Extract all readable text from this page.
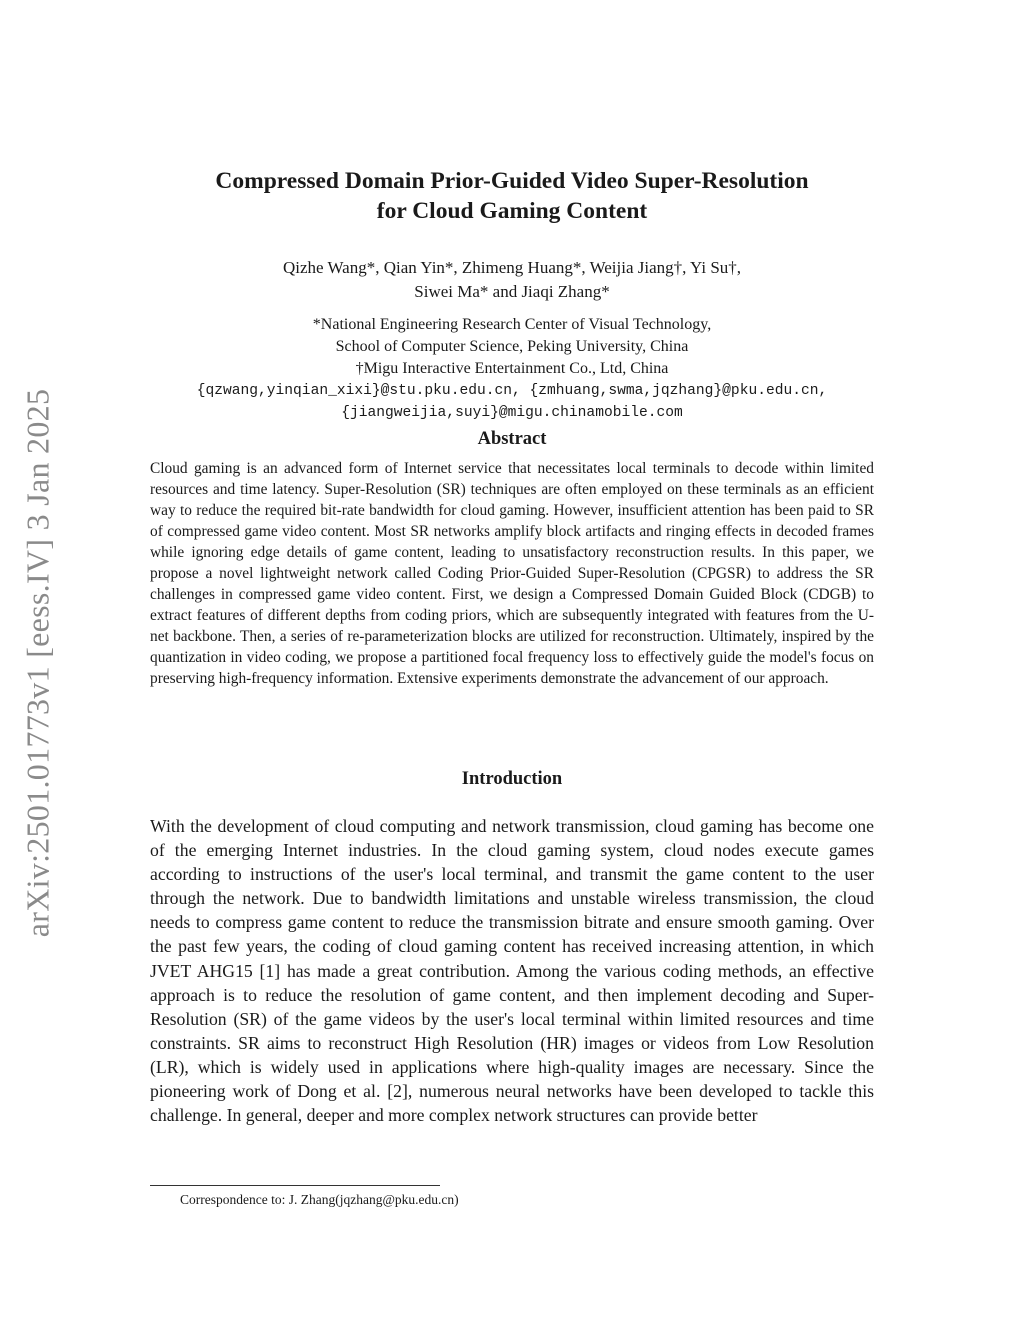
arXiv:2501.01773v1 [eess.IV] 3 Jan 2025
Compressed Domain Prior-Guided Video Super-Resolution
for Cloud Gaming Content
Qizhe Wang*, Qian Yin*, Zhimeng Huang*, Weijia Jiang†, Yi Su†,
Siwei Ma* and Jiaqi Zhang*
*National Engineering Research Center of Visual Technology,
School of Computer Science, Peking University, China
†Migu Interactive Entertainment Co., Ltd, China
{qzwang,yinqian_xixi}@stu.pku.edu.cn, {zmhuang,swma,jqzhang}@pku.edu.cn,
{jiangweijia,suyi}@migu.chinamobile.com
Abstract

Cloud gaming is an advanced form of Internet service that necessitates local terminals to decode within limited resources and time latency. Super-Resolution (SR) techniques are often employed on these terminals as an efficient way to reduce the required bit-rate bandwidth for cloud gaming. However, insufficient attention has been paid to SR of compressed game video content. Most SR networks amplify block artifacts and ringing effects in decoded frames while ignoring edge details of game content, leading to unsatisfactory reconstruction results. In this paper, we propose a novel lightweight network called Coding Prior-Guided Super-Resolution (CPGSR) to address the SR challenges in compressed game video content. First, we design a Compressed Domain Guided Block (CDGB) to extract features of different depths from coding priors, which are subsequently integrated with features from the U-net backbone. Then, a series of re-parameterization blocks are utilized for reconstruction. Ultimately, inspired by the quantization in video coding, we propose a partitioned focal frequency loss to effectively guide the model's focus on preserving high-frequency information. Extensive experiments demonstrate the advancement of our approach.

Introduction

With the development of cloud computing and network transmission, cloud gaming has become one of the emerging Internet industries. In the cloud gaming system, cloud nodes execute games according to instructions of the user's local terminal, and transmit the game content to the user through the network. Due to bandwidth limitations and unstable wireless transmission, the cloud needs to compress game content to reduce the transmission bitrate and ensure smooth gaming. Over the past few years, the coding of cloud gaming content has received increasing attention, in which JVET AHG15 [1] has made a great contribution. Among the various coding methods, an effective approach is to reduce the resolution of game content, and then implement decoding and Super-Resolution (SR) of the game videos by the user's local terminal within limited resources and time constraints. SR aims to reconstruct High Resolution (HR) images or videos from Low Resolution (LR), which is widely used in applications where high-quality images are necessary. Since the pioneering work of Dong et al. [2], numerous neural networks have been developed to tackle this challenge. In general, deeper and more complex network structures can provide better

Correspondence to: J. Zhang(jqzhang@pku.edu.cn)
